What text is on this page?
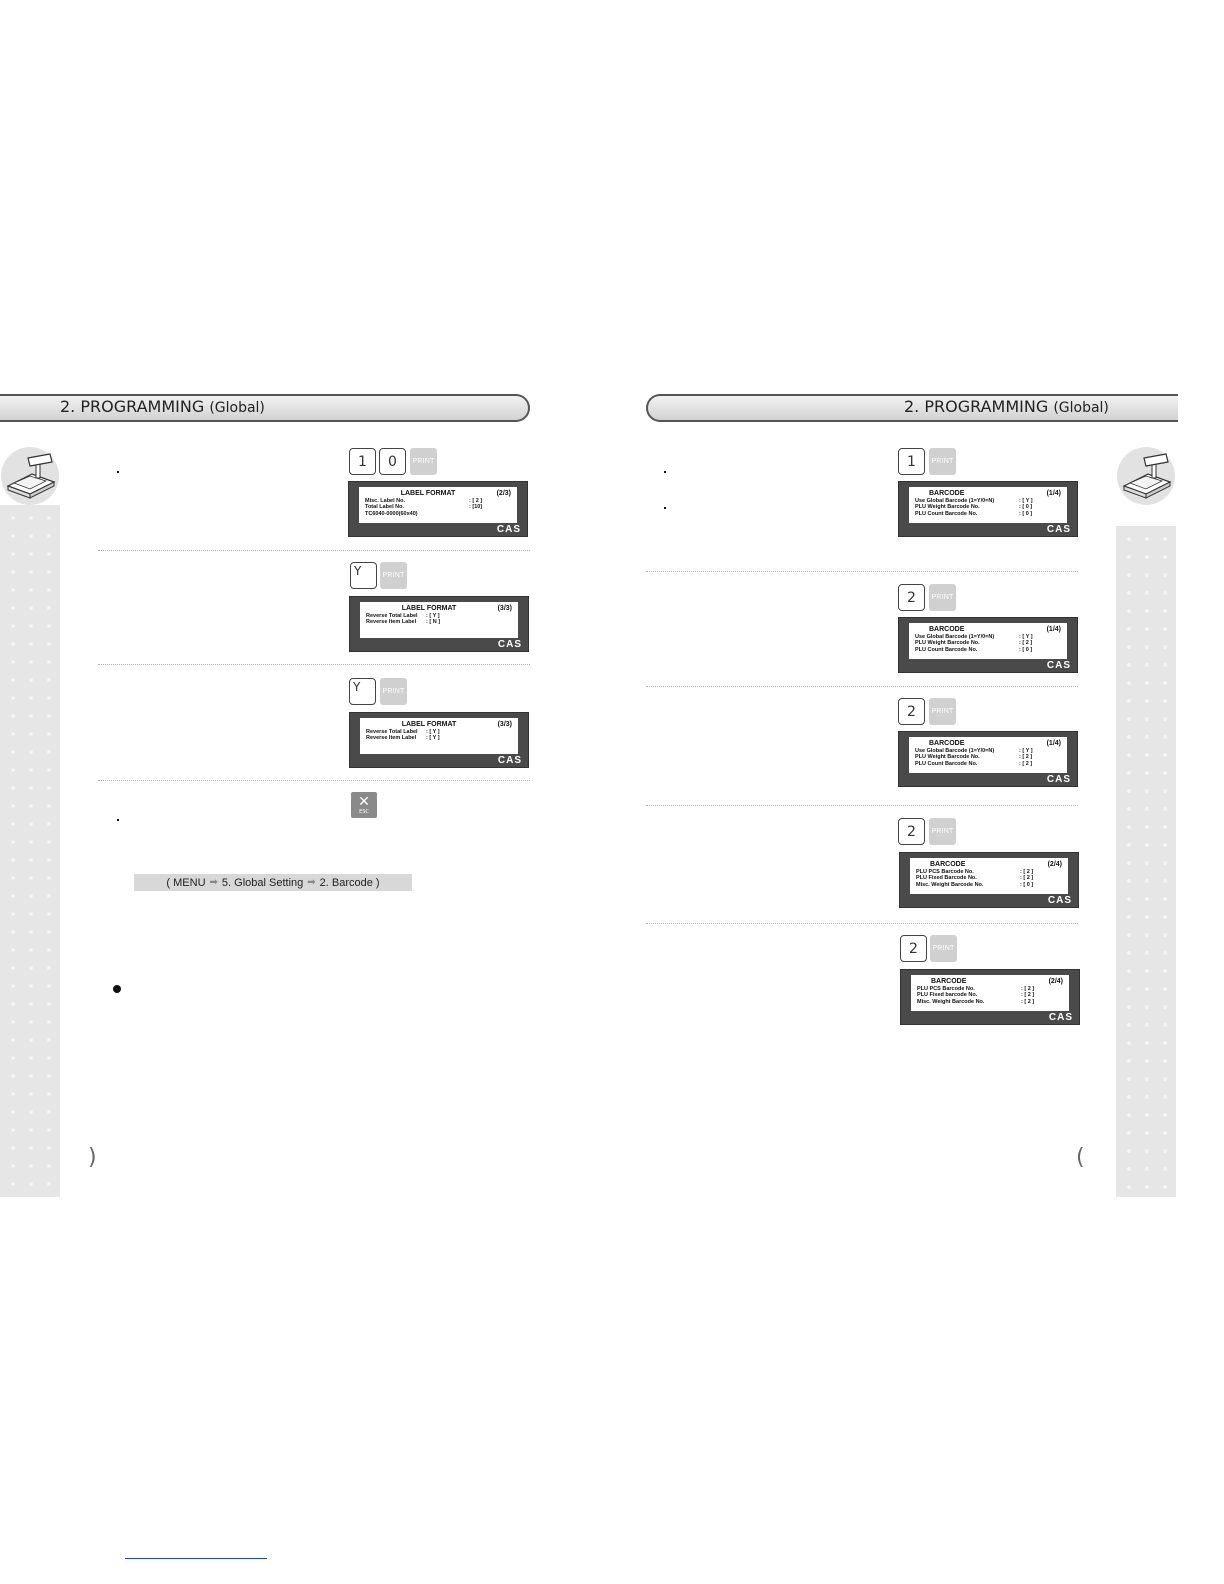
2. PROGRAMMING (Global)
1	0	PRINT
LABEL FORMAT	(2/3)
Misc. Label No.	: [ 2 ]
Total Label No.	: [10]
TC6040-0000(60x40)
CAS
Y	PRINT
LABEL FORMAT	(3/3)
Reverse Total Label	: [ Y ]
Reverse Item Label	: [ N ]
CAS
Y	PRINT
LABEL FORMAT	(3/3)
Reverse Total Label	: [ Y ]
Reverse Item Label	: [ Y ]
CAS
✕
ESC
(
MENU ➡ 5. Global Setting ➡ 2. Barcode
)
)
2. PROGRAMMING (Global)
1	PRINT
BARCODE	(1/4)
Use Global Barcode (1=Y/0=N)	: [ Y ]
PLU Weight Barcode No.	: [ 0 ]
PLU Count Barcode No.	: [ 0 ]
CAS
2	PRINT
BARCODE	(1/4)
Use Global Barcode (1=Y/0=N)	: [ Y ]
PLU Weight Barcode No.	: [ 2 ]
PLU Count Barcode No.	: [ 0 ]
CAS
2	PRINT
BARCODE	(1/4)
Use Global Barcode (1=Y/0=N)	: [ Y ]
PLU Weight Barcode No.	: [ 2 ]
PLU Count Barcode No.	: [ 2 ]
CAS
2	PRINT
BARCODE	(2/4)
PLU PCS Barcode No.	: [ 2 ]
PLU Fixed Barcode No.	: [ 2 ]
Misc. Weight Barcode No.	: [ 0 ]
CAS
2	PRINT
BARCODE	(2/4)
PLU PCS Barcode No.	: [ 2 ]
PLU Fixed barcode No.	: [ 2 ]
Misc. Weight Barcode No.	: [ 2 ]
CAS
(
